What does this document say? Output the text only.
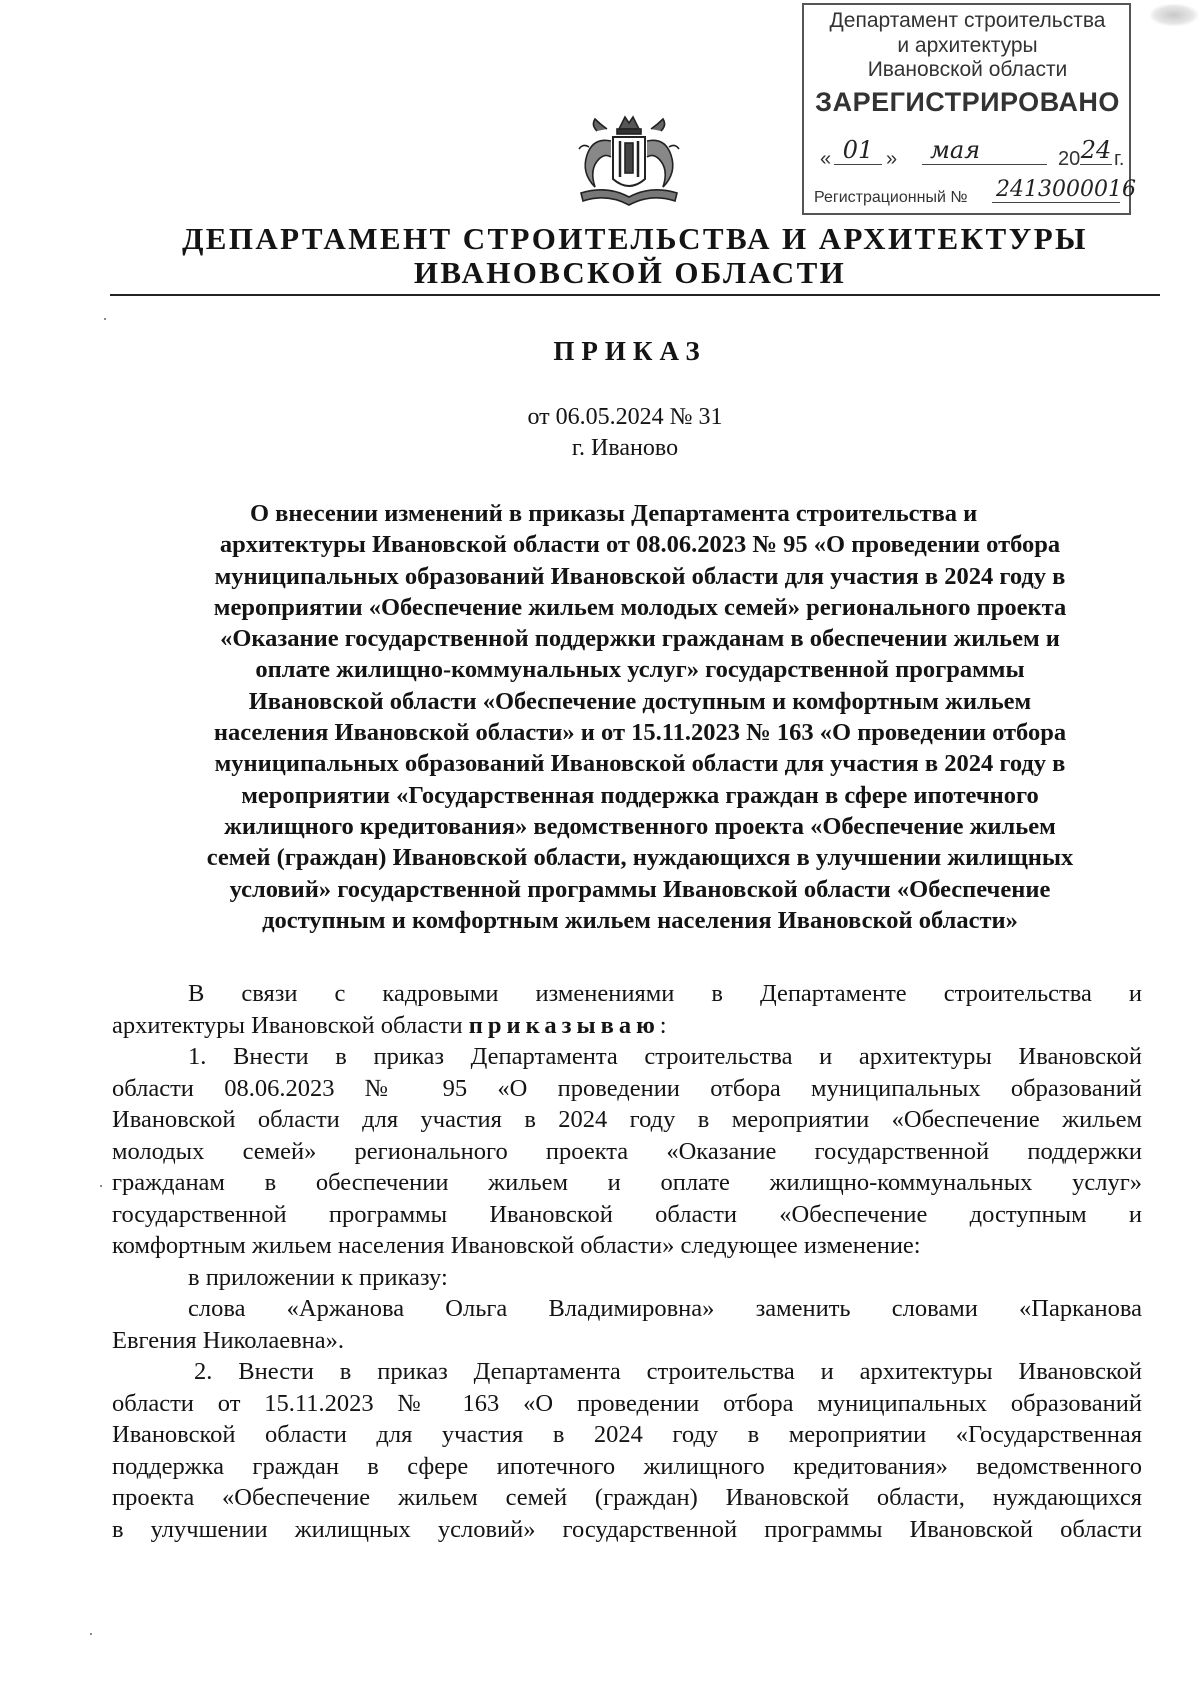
Департамент строительства
и архитектуры
Ивановской области
ЗАРЕГИСТРИРОВАНО
« 01 »	мая	20 24 г.
Регистрационный № 2413000016
ДЕПАРТАМЕНТ СТРОИТЕЛЬСТВА И АРХИТЕКТУРЫ
ИВАНОВСКОЙ ОБЛАСТИ
ПРИКАЗ
от 06.05.2024 № 31
г. Иваново
О внесении изменений в приказы Департамента строительства и
архитектуры Ивановской области от 08.06.2023 № 95 «О проведении отбора
муниципальных образований Ивановской области для участия в 2024 году в
мероприятии «Обеспечение жильем молодых семей» регионального проекта
«Оказание государственной поддержки гражданам в обеспечении жильем и
оплате жилищно-коммунальных услуг» государственной программы
Ивановской области «Обеспечение доступным и комфортным жильем
населения Ивановской области» и от 15.11.2023 № 163 «О проведении отбора
муниципальных образований Ивановской области для участия в 2024 году в
мероприятии «Государственная поддержка граждан в сфере ипотечного
жилищного кредитования» ведомственного проекта «Обеспечение жильем
семей (граждан) Ивановской области, нуждающихся в улучшении жилищных
условий» государственной программы Ивановской области «Обеспечение
доступным и комфортным жильем населения Ивановской области»
В связи с кадровыми изменениями в Департаменте строительства и
архитектуры Ивановской области приказываю:
1. Внести в приказ Департамента строительства и архитектуры Ивановской
области 08.06.2023 № 95 «О проведении отбора муниципальных образований
Ивановской области для участия в 2024 году в мероприятии «Обеспечение жильем
молодых семей» регионального проекта «Оказание государственной поддержки
гражданам в обеспечении жильем и оплате жилищно-коммунальных услуг»
государственной программы Ивановской области «Обеспечение доступным и
комфортным жильем населения Ивановской области» следующее изменение:
в приложении к приказу:
слова «Аржанова Ольга Владимировна» заменить словами «Парканова
Евгения Николаевна».
2. Внести в приказ Департамента строительства и архитектуры Ивановской
области от 15.11.2023 № 163 «О проведении отбора муниципальных образований
Ивановской области для участия в 2024 году в мероприятии «Государственная
поддержка граждан в сфере ипотечного жилищного кредитования» ведомственного
проекта «Обеспечение жильем семей (граждан) Ивановской области, нуждающихся
в улучшении жилищных условий» государственной программы Ивановской области
